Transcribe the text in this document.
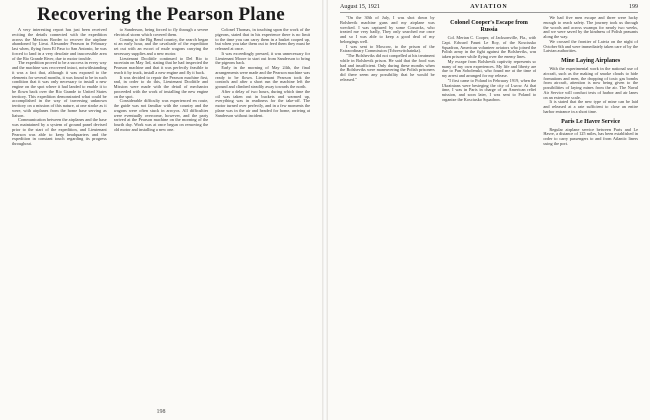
Recovering the Pearson Plane

A very interesting report has just been received reciting the details connected with the expedition across the Mexican Border to recover the airplane abandoned by Lieut. Alexander Pearson in February last when, flying from El Paso to San Antonio, he was forced to land in a very desolate and inaccessible area of the Rio Grande River, due to motor trouble.

The expedition proved to be a success in every way and the machine was recovered intact, notwithstanding it was a fact that, although it was exposed to the elements for several months, it was found to be in such condition that it was only necessary to install a new engine on the spot where it had landed to enable it to be flown back over the Rio Grande to United States territory. This expedition demonstrated what could be accomplished in the way of traversing unknown territory on a mission of this nature, at one stroke as it were, with airplanes from the home base serving as liaison.

Communication between the airplanes and the base was maintained by a system of ground panel devised prior to the start of the expedition, and Lieutenant Pearson was able to keep headquarters and the expedition in constant touch regarding its progress throughout.

to Sanderson, being forced to fly through a severe electrical storm which covered them.

Coming to the Big Bend country, the search began at an early hour, and the cavalcade of the expedition set out with an escort of mule wagons carrying the necessary supplies and a new motor.

Lieutenant Doolittle continued to Del Rio to ascertain on May 3rd, stating that he had inspected the Pearson machine and that it was perfectly feasible to reach it by truck, install a new engine and fly it back.

It was decided to repair the Pearson machine first, and, in order to do this, Lieutenant Doolittle and Mission were made with the detail of mechanics proceeded with the work of installing the new engine on the spot.

Considerable difficulty was experienced en route, the guide was not familiar with the country and the wagons were often stuck in arroyos. All difficulties were eventually overcome, however, and the party arrived at the Pearson machine on the morning of the fourth day. Work was at once begun on removing the old motor and installing a new one.

Colonel Thomas, in touching upon the work of the pigeons, stated that in his experience there is no limit to the time you can carry them in a basket cooped up, but when you take them out to feed them they must be released at once.

It was exceedingly pressed, it was unnecessary for Lieutenant Moore to start out from Sanderson to bring the pigeons back.

Early in the morning of May 24th, the final arrangements were made and the Pearson machine was ready to be flown. Lieutenant Pearson took the controls and after a short run the machine left the ground and climbed steadily away towards the north.

After a delay of two hours, during which time the oil was taken out in buckets and warmed up, everything was in readiness for the take-off. The motor turned over perfectly, and in a few moments the plane was in the air and headed for home, arriving at Sanderson without incident.

198
August 15, 1921	AVIATION	199

"On the 30th of July, I was shot down by Bolshevik machine guns and my airplane was wrecked. I was captured by some Cossacks, who treated me very badly, They only searched me once and so I was able to keep a good deal of my belongings well.

I was sent to Moscow, to the prison of the Extraordinary Commission (Tchresvitchainka).

"The Bolsheviks did not compelled at his treatment while in Bolshevik prison. He said that the food was bad and insufficient. Only during these months when the Bolsheviks were maneuvering the Polish prisoners did there seem any possibility that he would be released."

Colonel Cooper's Escape from Russia

Col. Merian C. Cooper, of Jacksonville, Fla., with Capt. Edward Faunt Le Roy, of the Kosciusko Squadron, American volunteer aviators who joined the Polish army in the fight against the Bolsheviks, was taken prisoner while flying over the enemy lines.

My escape from Bolshevik captivity represents so many of my own experiences. My life and liberty are due to Pan Sobolenski, who found me at the time of my arrest and arranged for my release.

"I first came to Poland in February 1919, when the Ukrainians were besieging the city of Lwow. At that time, I was in Paris in charge of an American relief mission, and soon later, I was sent to Poland to organize the Kosciusko Squadron.

We had five men escape and three were lucky enough to reach safety. The journey took us through the woods and across swamps for nearly two weeks, and we were saved by the kindness of Polish peasants along the way.

We crossed the frontier of Latvia on the night of October 6th and were immediately taken care of by the Latvian authorities.

Mine Laying Airplanes

With the experimental work in the national use of aircraft, such as the making of smoke clouds to hide formations and men, the dropping of toxic gas bombs from aircraft, attention is now being given to the possibilities of laying mines from the air. The Naval Air Service will conduct tests of harbor and air lanes on an extensive scale.

It is stated that the new type of mine can be laid and released at a rate sufficient to close an entire harbor entrance in a short time.

Paris Le Havre Service

Regular airplane service between Paris and Le Havre, a distance of 125 miles, has been established in order to carry passengers to and from Atlantic liners using the port.
